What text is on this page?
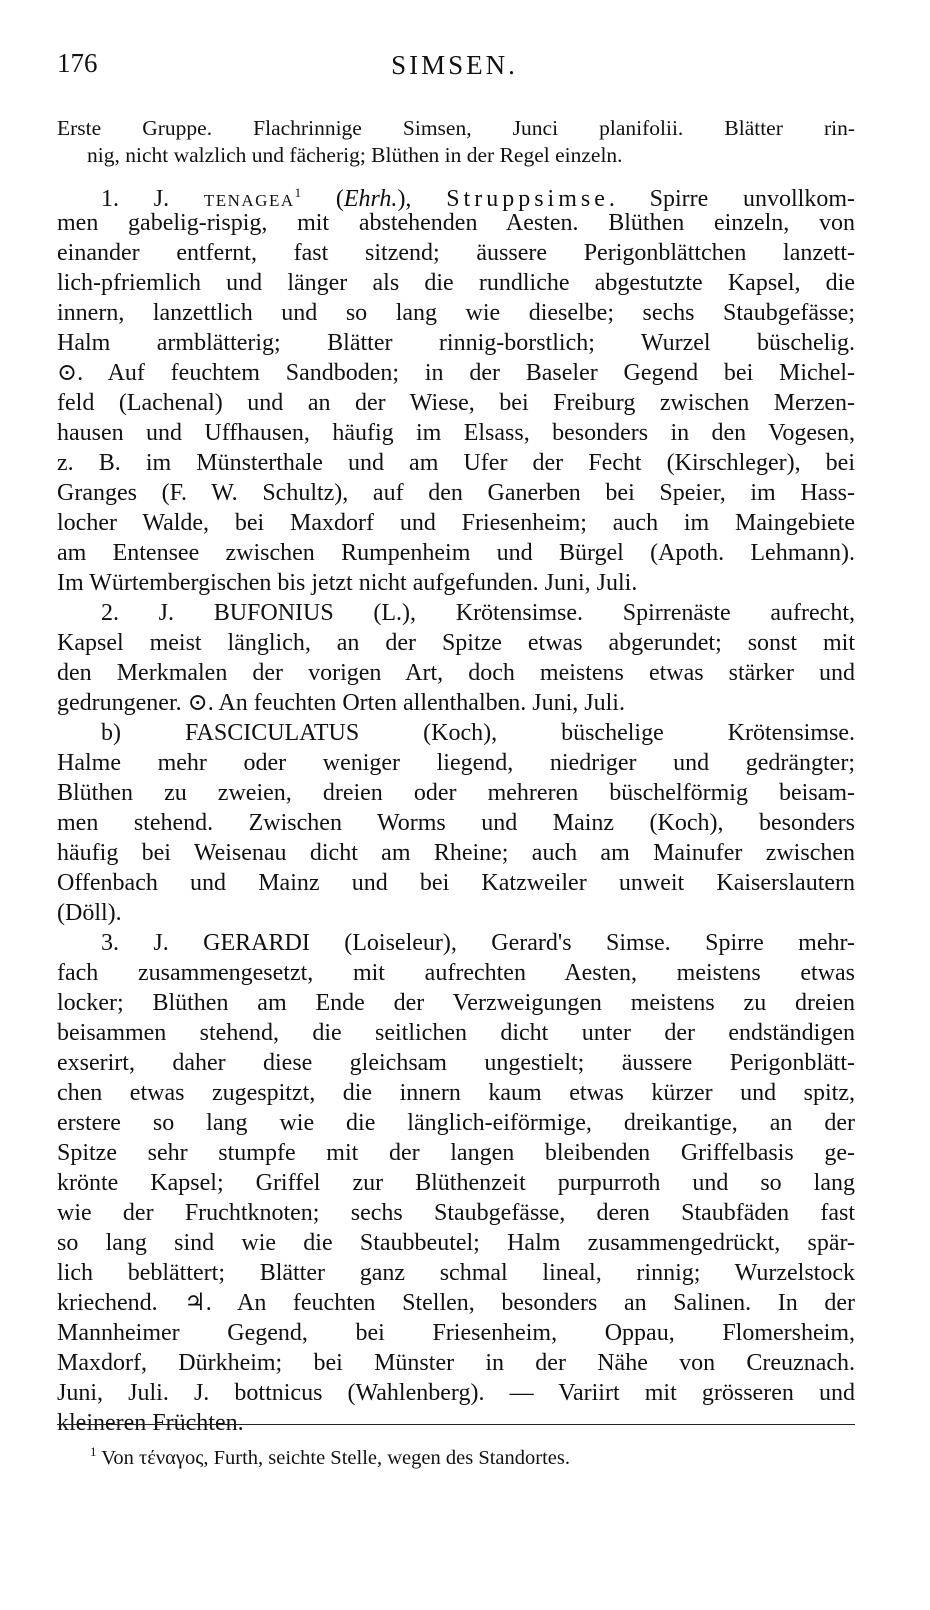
176	SIMSEN.
Erste Gruppe. Flachrinnige Simsen, Junci planifolii. Blätter rin-
nig, nicht walzlich und fächerig; Blüthen in der Regel einzeln.
1. J. TENAGEA$^1$ (Ehrh.), Struppsimse. Spirre unvollkom-
men gabelig-rispig, mit abstehenden Aesten. Blüthen einzeln, von
einander entfernt, fast sitzend; äussere Perigonblättchen lanzett-
lich-pfriemlich und länger als die rundliche abgestutzte Kapsel, die
innern, lanzettlich und so lang wie dieselbe; sechs Staubgefässe;
Halm armblätterig; Blätter rinnig-borstlich; Wurzel büschelig.
⊙. Auf feuchtem Sandboden; in der Baseler Gegend bei Michel-
feld (Lachenal) und an der Wiese, bei Freiburg zwischen Merzen-
hausen und Uffhausen, häufig im Elsass, besonders in den Vogesen,
z. B. im Münsterthale und am Ufer der Fecht (Kirschleger), bei
Granges (F. W. Schultz), auf den Ganerben bei Speier, im Hass-
locher Walde, bei Maxdorf und Friesenheim; auch im Maingebiete
am Entensee zwischen Rumpenheim und Bürgel (Apoth. Lehmann).
Im Würtembergischen bis jetzt nicht aufgefunden. Juni, Juli.
2. J. BUFONIUS (L.), Krötensimse. Spirrenäste aufrecht,
Kapsel meist länglich, an der Spitze etwas abgerundet; sonst mit
den Merkmalen der vorigen Art, doch meistens etwas stärker und
gedrungener. ⊙. An feuchten Orten allenthalben. Juni, Juli.
b) FASCICULATUS (Koch), büschelige Krötensimse.
Halme mehr oder weniger liegend, niedriger und gedrängter;
Blüthen zu zweien, dreien oder mehreren büschelförmig beisam-
men stehend. Zwischen Worms und Mainz (Koch), besonders
häufig bei Weisenau dicht am Rheine; auch am Mainufer zwischen
Offenbach und Mainz und bei Katzweiler unweit Kaiserslautern
(Döll).
3. J. GERARDI (Loiseleur), Gerard's Simse. Spirre mehr-
fach zusammengesetzt, mit aufrechten Aesten, meistens etwas
locker; Blüthen am Ende der Verzweigungen meistens zu dreien
beisammen stehend, die seitlichen dicht unter der endständigen
exserirt, daher diese gleichsam ungestielt; äussere Perigonblätt-
chen etwas zugespitzt, die innern kaum etwas kürzer und spitz,
erstere so lang wie die länglich-eiförmige, dreikantige, an der
Spitze sehr stumpfe mit der langen bleibenden Griffelbasis ge-
krönte Kapsel; Griffel zur Blüthenzeit purpurroth und so lang
wie der Fruchtknoten; sechs Staubgefässe, deren Staubfäden fast
so lang sind wie die Staubbeutel; Halm zusammengedrückt, spär-
lich beblättert; Blätter ganz schmal lineal, rinnig; Wurzelstock
kriechend. ♃. An feuchten Stellen, besonders an Salinen. In der
Mannheimer Gegend, bei Friesenheim, Oppau, Flomersheim,
Maxdorf, Dürkheim; bei Münster in der Nähe von Creuznach.
Juni, Juli. J. bottnicus (Wahlenberg). — Variirt mit grösseren und
kleineren Früchten.
$^1$ Von τέναγος, Furth, seichte Stelle, wegen des Standortes.
